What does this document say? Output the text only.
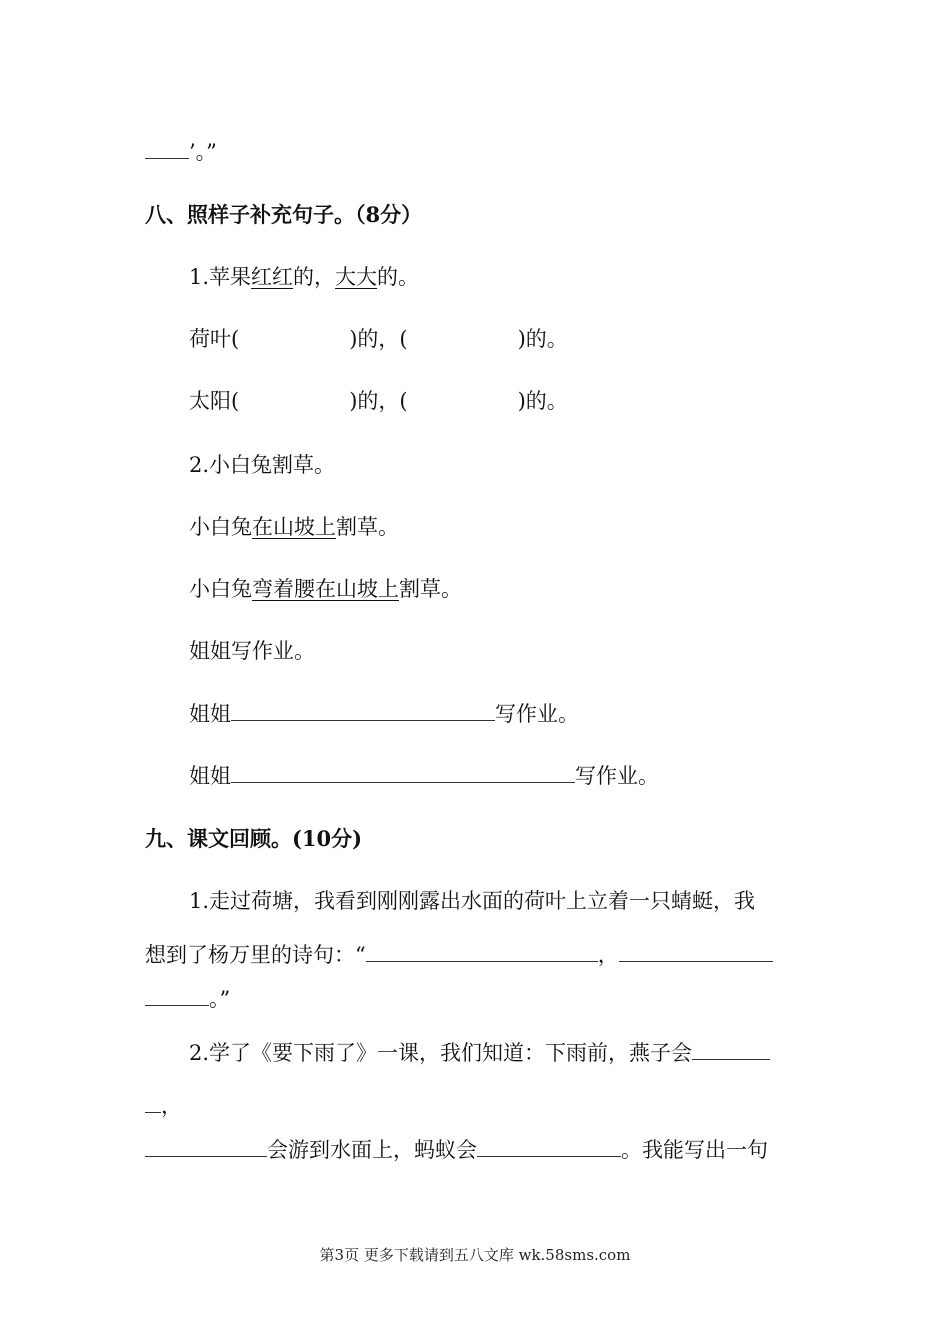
’。”
八、照样子补充句子。（8分）
1.苹果红红的，大大的。
荷叶(	)的，(	)的。
太阳(	)的，(	)的。
2.小白兔割草。
小白兔在山坡上割草。
小白兔弯着腰在山坡上割草。
姐姐写作业。
姐姐	写作业。
姐姐	写作业。
九、课文回顾。(10分)
1.走过荷塘，我看到刚刚露出水面的荷叶上立着一只蜻蜓，我
想到了杨万里的诗句：“	，
。”
2.学了《要下雨了》一课，我们知道：下雨前，燕子会
，
会游到水面上，蚂蚁会	。我能写出一句
第3页 更多下载请到五八文库 wk.58sms.com
